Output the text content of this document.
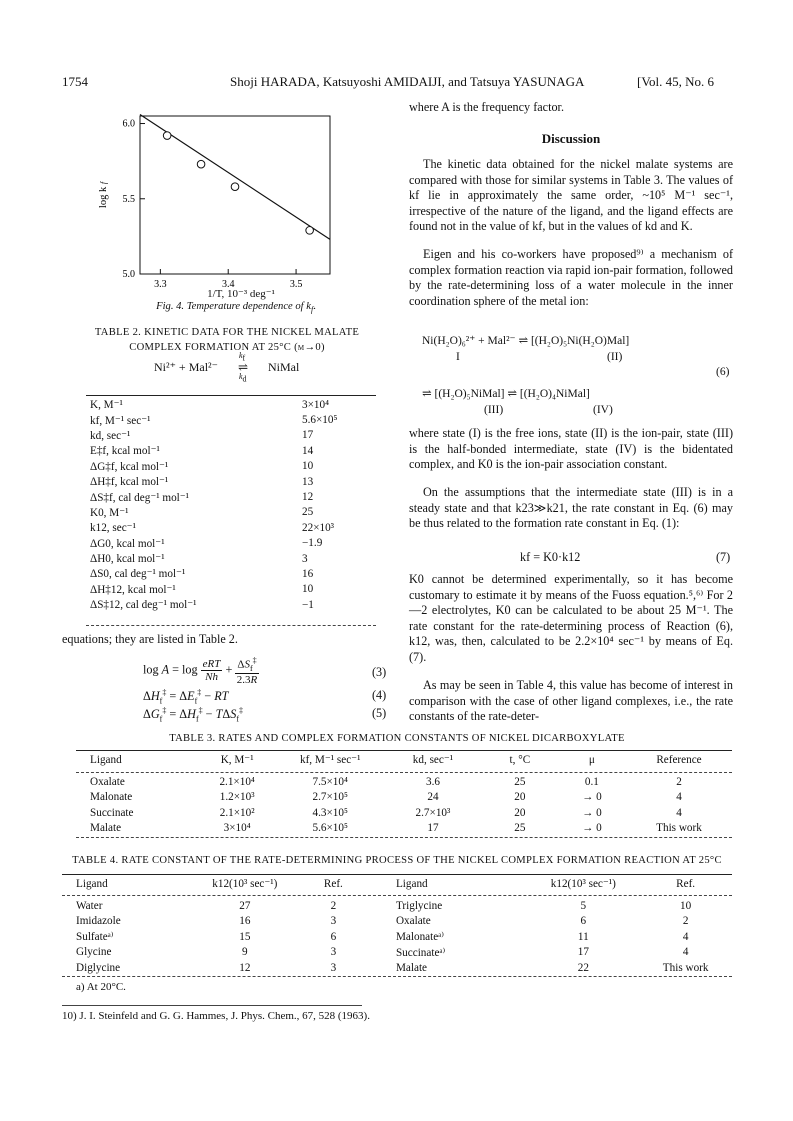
1754	Shoji HARADA, Katsuyoshi AMIDAIJI, and Tatsuya YASUNAGA	[Vol. 45, No. 6
3.3	3.4	3.5
5.0
5.5
6.0
log k f
1/T, 10⁻³ deg⁻¹
Fig. 4. Temperature dependence of $k_f$.
TABLE 2. KINETIC DATA FOR THE NICKEL MALATE
COMPLEX FORMATION AT 25°C (μ→0)
Ni²⁺ + Mal²⁻
$k_f$
⇌
$k_d$
NiMal
K, M⁻¹	3×10⁴
kf, M⁻¹ sec⁻¹	5.6×10⁵
kd, sec⁻¹	17
E‡f, kcal mol⁻¹	14
ΔG‡f, kcal mol⁻¹	10
ΔH‡f, kcal mol⁻¹	13
ΔS‡f, cal deg⁻¹ mol⁻¹	12
K0, M⁻¹	25
k12, sec⁻¹	22×10³
ΔG0, kcal mol⁻¹	−1.9
ΔH0, kcal mol⁻¹	3
ΔS0, cal deg⁻¹ mol⁻¹	16
ΔH‡12, kcal mol⁻¹	10
ΔS‡12, cal deg⁻¹ mol⁻¹	−1
equations; they are listed in Table 2.
log A = log eRT
Nh
+ $\Delta S_f^\ddagger$
2.3R
(3)
$\Delta H_f^\ddagger = \Delta E_f^\ddagger$ − RT	(4)
$\Delta G_f^\ddagger = \Delta H_f^\ddagger - T\Delta S_f^\ddagger$	(5)
where A is the frequency factor.
Discussion
The kinetic data obtained for the nickel malate systems are compared with those for similar systems in Table 3. The values of kf lie in approximately the same order, ~10⁵ M⁻¹ sec⁻¹, irrespective of the nature of the ligand, and the ligand effects are found not in the value of kf, but in the values of kd and K.
Eigen and his co-workers have proposed⁹⁾ a mechanism of complex formation reaction via rapid ion-pair formation, followed by the rate-determining loss of a water molecule in the inner coordination sphere of the metal ion:
Ni(H₂O)₆²⁺ + Mal²⁻ ⇌ [(H₂O)₅Ni(H₂O)Mal]
I	(II)
(6)
⇌ [(H₂O)₅NiMal] ⇌ [(H₂O)₄NiMal]
(III)	(IV)
where state (I) is the free ions, state (II) is the ion-pair, state (III) is the half-bonded intermediate, state (IV) is the bidentated complex, and K0 is the ion-pair association constant.
On the assumptions that the intermediate state (III) is in a steady state and that k23≫k21, the rate constant in Eq. (6) may be thus related to the formation rate constant in Eq. (1):
kf = K0·k12	(7)
K0 cannot be determined experimentally, so it has become customary to estimate it by means of the Fuoss equation.⁵,⁶⁾ For 2—2 electrolytes, K0 can be calculated to be about 25 M⁻¹. The rate constant for the rate-determining process of Reaction (6), k12, was, then, calculated to be 2.2×10⁴ sec⁻¹ by means of Eq. (7).
As may be seen in Table 4, this value has become of interest in comparison with the case of other ligand complexes, i.e., the rate constants of the rate-deter-
TABLE 3. RATES AND COMPLEX FORMATION CONSTANTS OF NICKEL DICARBOXYLATE
Ligand	K, M⁻¹	kf, M⁻¹ sec⁻¹	kd, sec⁻¹	t, °C	μ	Reference
Oxalate	2.1×10⁴	7.5×10⁴	3.6	25	0.1	2
Malonate	1.2×10³	2.7×10⁵	24	20	→ 0	4
Succinate	2.1×10²	4.3×10⁵	2.7×10³	20	→ 0	4
Malate	3×10⁴	5.6×10⁵	17	25	→ 0	This work
TABLE 4. RATE CONSTANT OF THE RATE-DETERMINING PROCESS OF THE NICKEL COMPLEX FORMATION REACTION AT 25°C
Ligand	k12(10³ sec⁻¹)	Ref.	Ligand	k12(10³ sec⁻¹)	Ref.
Water	27	2	Triglycine	5	10
Imidazole	16	3	Oxalate	6	2
Sulfateᵃ⁾	15	6	Malonateᵃ⁾	11	4
Glycine	9	3	Succinateᵃ⁾	17	4
Diglycine	12	3	Malate	22	This work
a) At 20°C.
10) J. I. Steinfeld and G. G. Hammes, J. Phys. Chem., 67, 528 (1963).
